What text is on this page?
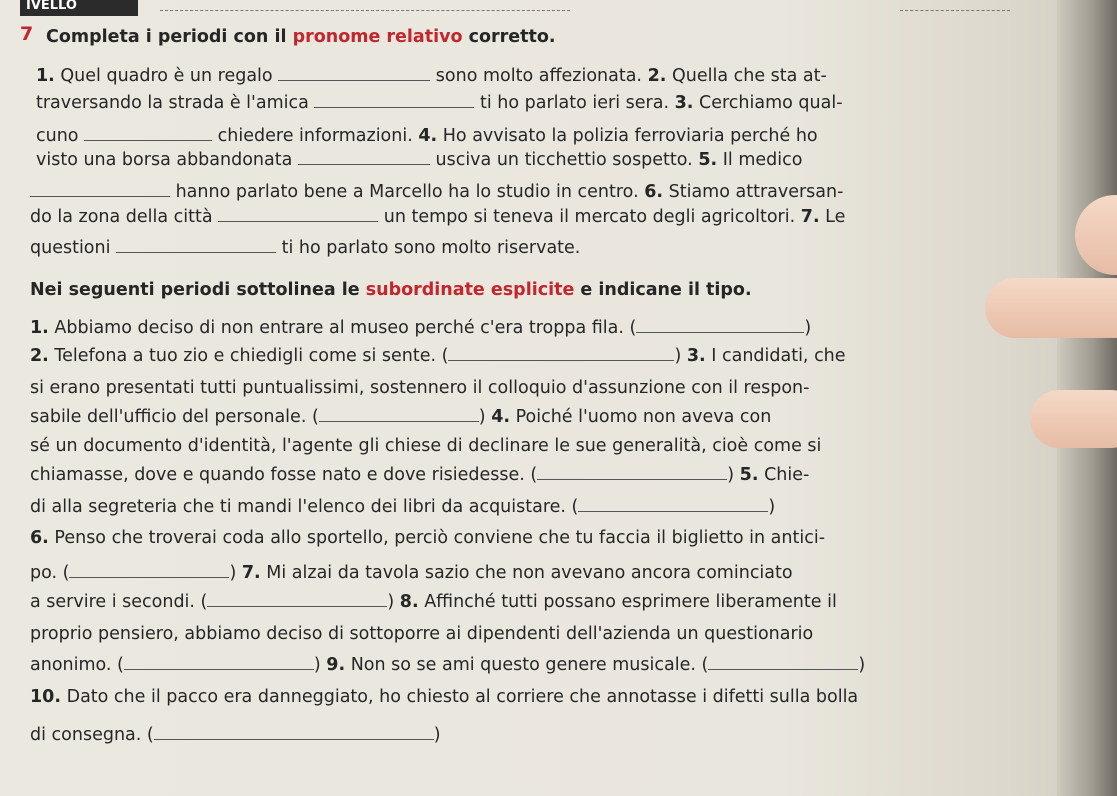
IVELLO
7 Completa i periodi con il pronome relativo corretto.
1. Quel quadro è un regalo	sono molto affezionata. 2. Quella che sta at-
traversando la strada è l'amica	ti ho parlato ieri sera. 3. Cerchiamo qual-
cuno	chiedere informazioni. 4. Ho avvisato la polizia ferroviaria perché ho
visto una borsa abbandonata	usciva un ticchettio sospetto. 5. Il medico
hanno parlato bene a Marcello ha lo studio in centro. 6. Stiamo attraversan-
do la zona della città	un tempo si teneva il mercato degli agricoltori. 7. Le
questioni	ti ho parlato sono molto riservate.
Nei seguenti periodi sottolinea le subordinate esplicite e indicane il tipo.
1. Abbiamo deciso di non entrare al museo perché c'era troppa fila. (	)
2. Telefona a tuo zio e chiedigli come si sente. (	) 3. I candidati, che
si erano presentati tutti puntualissimi, sostennero il colloquio d'assunzione con il respon-
sabile dell'ufficio del personale. (	) 4. Poiché l'uomo non aveva con
sé un documento d'identità, l'agente gli chiese di declinare le sue generalità, cioè come si
chiamasse, dove e quando fosse nato e dove risiedesse. (	) 5. Chie-
di alla segreteria che ti mandi l'elenco dei libri da acquistare. (	)
6. Penso che troverai coda allo sportello, perciò conviene che tu faccia il biglietto in antici-
po. (	) 7. Mi alzai da tavola sazio che non avevano ancora cominciato
a servire i secondi. (	) 8. Affinché tutti possano esprimere liberamente il
proprio pensiero, abbiamo deciso di sottoporre ai dipendenti dell'azienda un questionario
anonimo. (	) 9. Non so se ami questo genere musicale. (	)
10. Dato che il pacco era danneggiato, ho chiesto al corriere che annotasse i difetti sulla bolla
di consegna. (	)
